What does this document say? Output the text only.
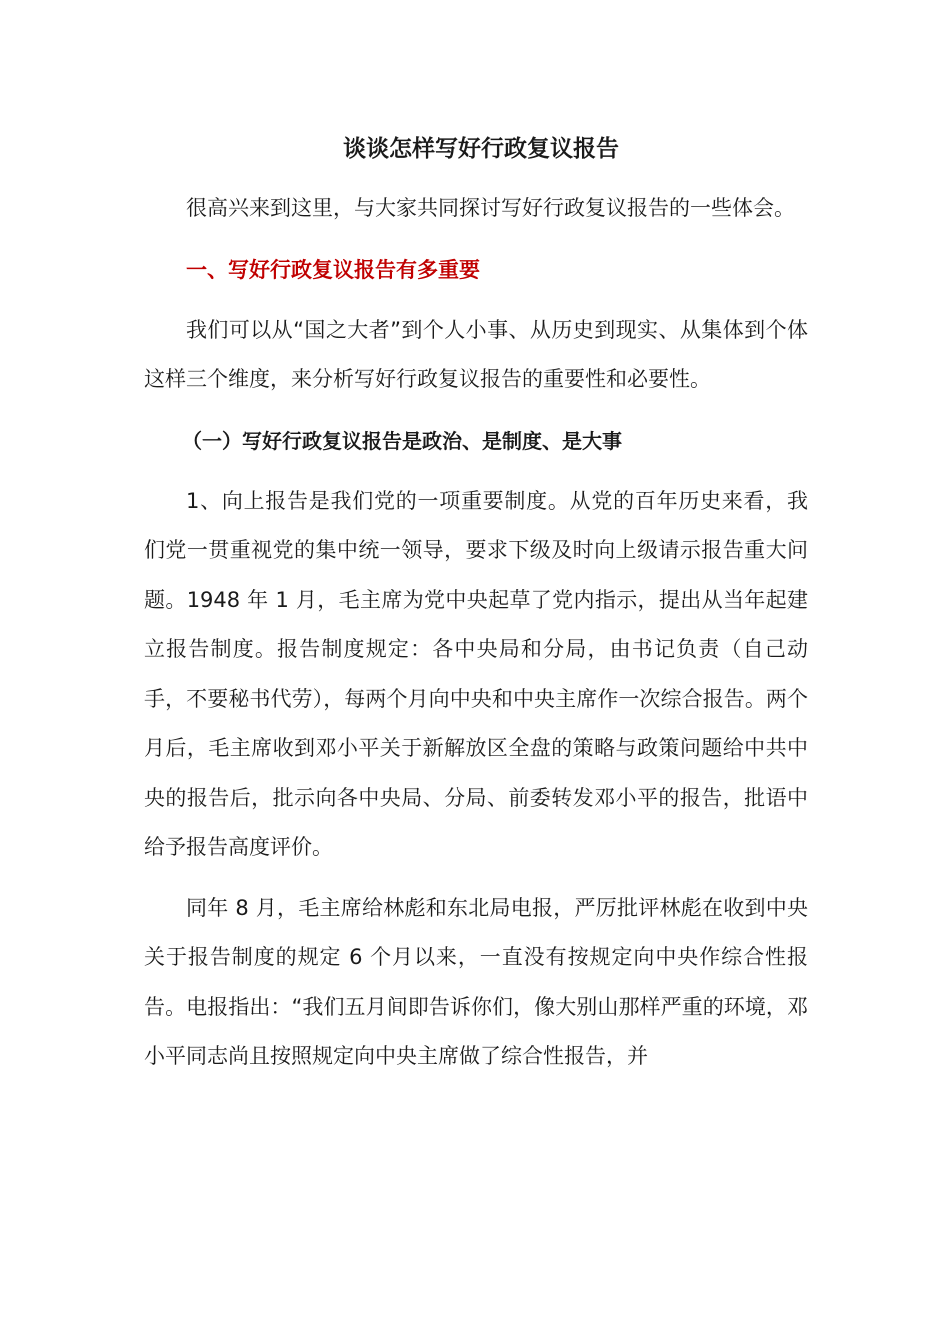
谈谈怎样写好行政复议报告

很高兴来到这里，与大家共同探讨写好行政复议报告的一些体会。

一、写好行政复议报告有多重要

我们可以从“国之大者”到个人小事、从历史到现实、从集体到个体这样三个维度，来分析写好行政复议报告的重要性和必要性。

（一）写好行政复议报告是政治、是制度、是大事

1、向上报告是我们党的一项重要制度。从党的百年历史来看，我们党一贯重视党的集中统一领导，要求下级及时向上级请示报告重大问题。1948 年 1 月，毛主席为党中央起草了党内指示，提出从当年起建立报告制度。报告制度规定：各中央局和分局，由书记负责（自己动手，不要秘书代劳），每两个月向中央和中央主席作一次综合报告。两个月后，毛主席收到邓小平关于新解放区全盘的策略与政策问题给中共中央的报告后，批示向各中央局、分局、前委转发邓小平的报告，批语中给予报告高度评价。

同年 8 月，毛主席给林彪和东北局电报，严厉批评林彪在收到中央关于报告制度的规定 6 个月以来，一直没有按规定向中央作综合性报告。电报指出：“我们五月间即告诉你们，像大别山那样严重的环境，邓小平同志尚且按照规定向中央主席做了综合性报告，并
